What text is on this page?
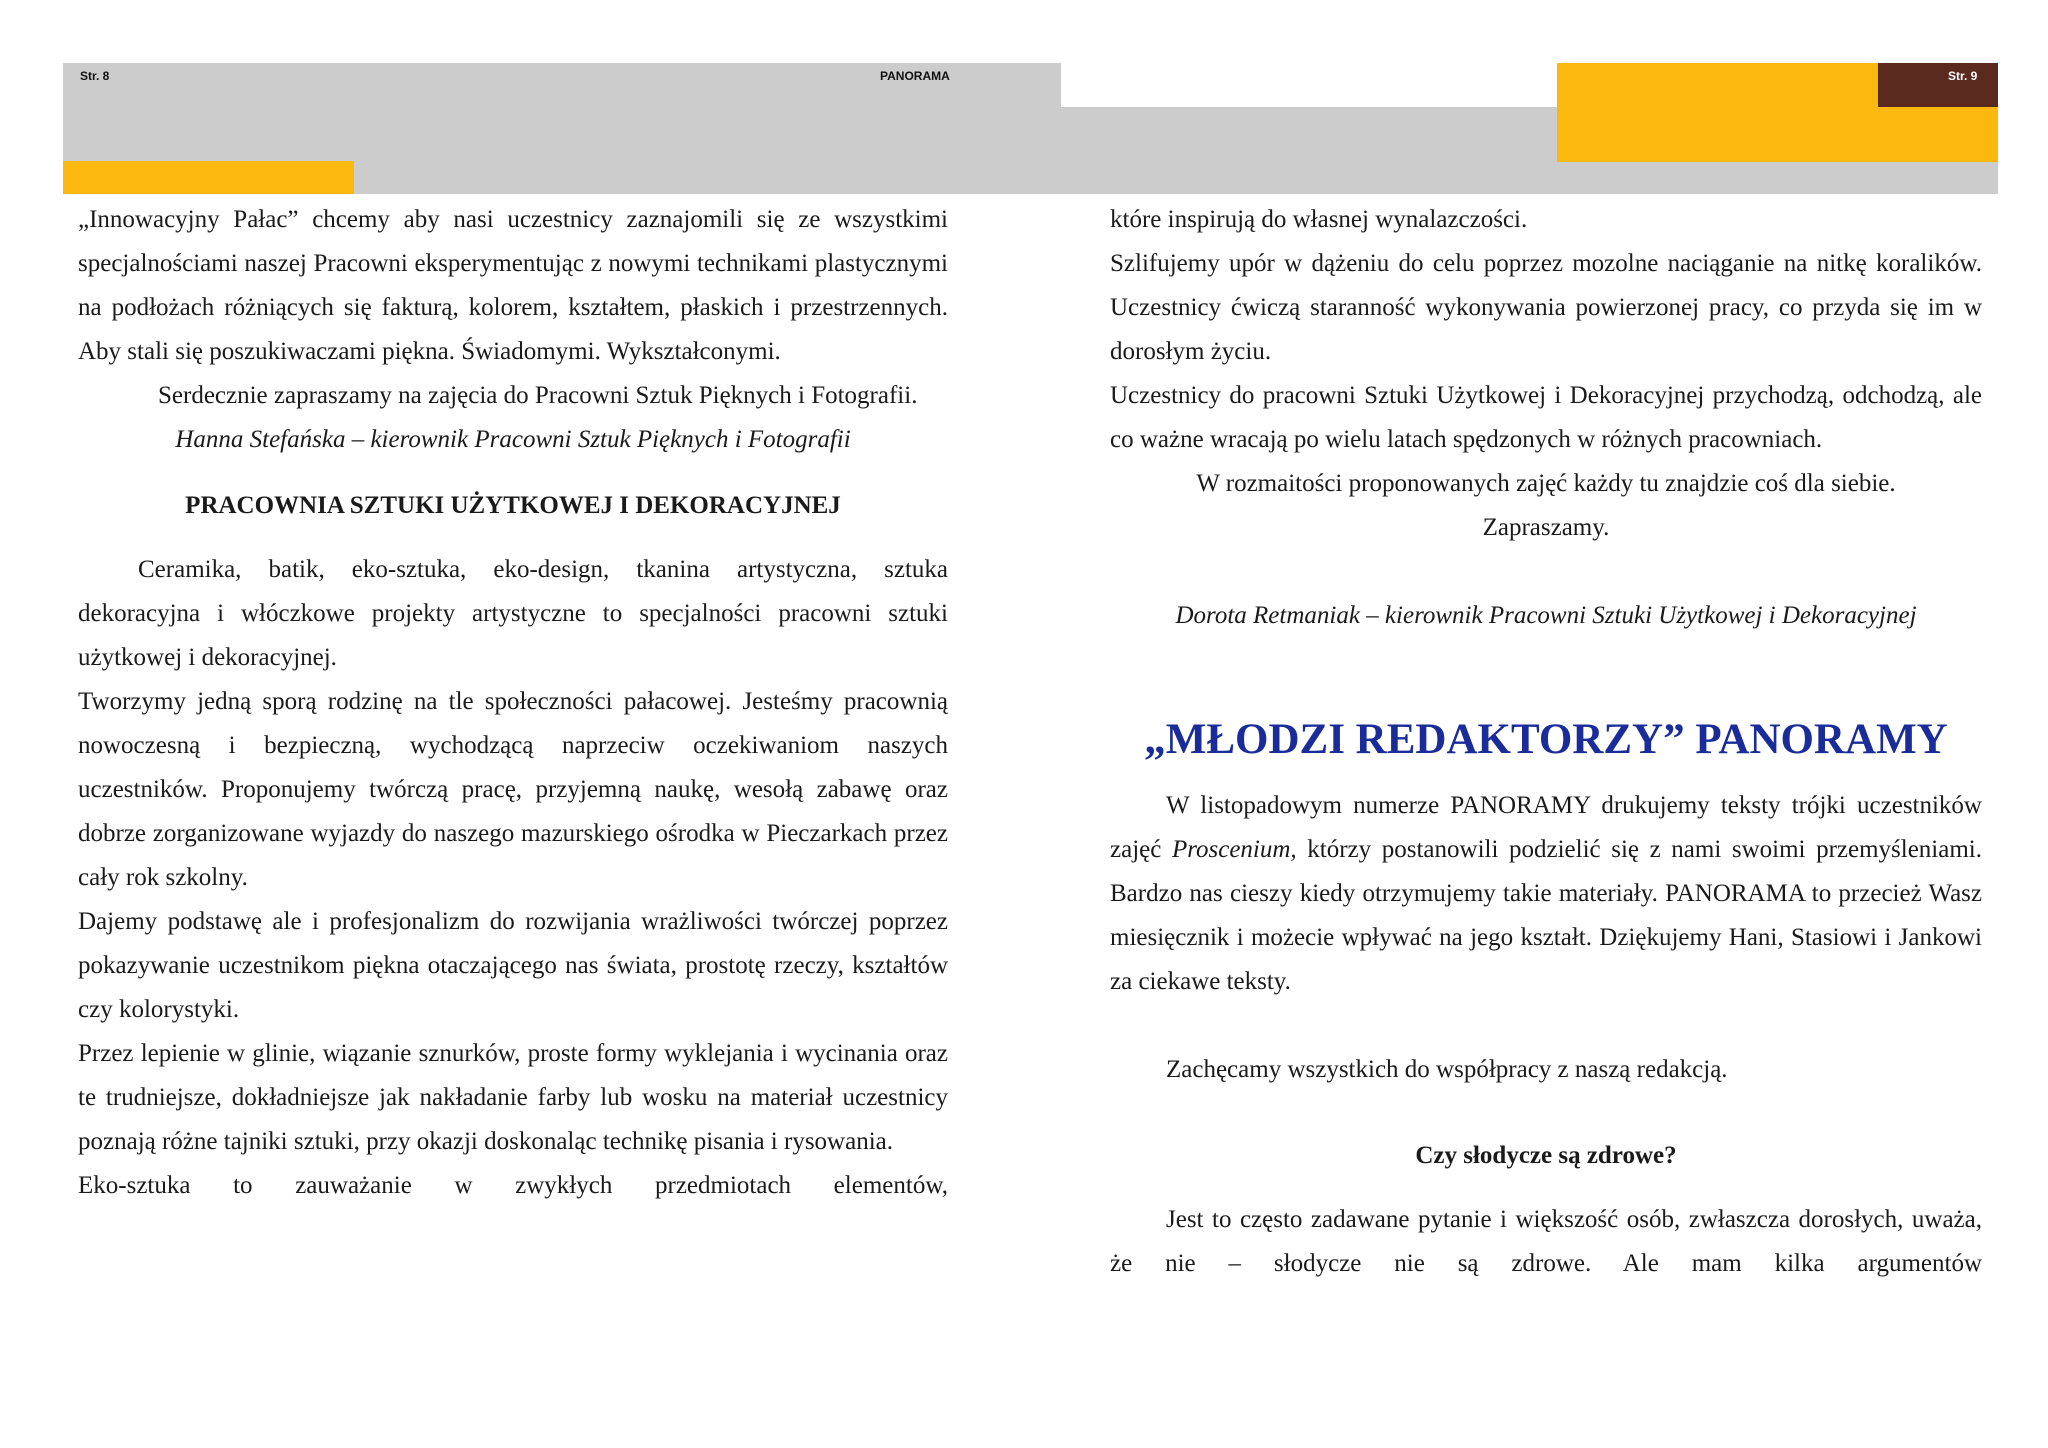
Str. 8	PANORAMA	Str. 9

„Innowacyjny Pałac” chcemy aby nasi uczestnicy zaznajomili się ze wszystkimi specjalnościami naszej Pracowni eksperymentując z nowymi technikami plastycznymi na podłożach różniących się fakturą, kolorem, kształtem, płaskich i przestrzennych. Aby stali się poszukiwaczami piękna. Świadomymi. Wykształconymi.

Serdecznie zapraszamy na zajęcia do Pracowni Sztuk Pięknych i Fotografii.

Hanna Stefańska – kierownik Pracowni Sztuk Pięknych i Fotografii

PRACOWNIA SZTUKI UŻYTKOWEJ I DEKORACYJNEJ

Ceramika, batik, eko-sztuka, eko-design, tkanina artystyczna, sztuka dekoracyjna i włóczkowe projekty artystyczne to specjalności pracowni sztuki użytkowej i dekoracyjnej.

Tworzymy jedną sporą rodzinę na tle społeczności pałacowej. Jesteśmy pracownią nowoczesną i bezpieczną, wychodzącą naprzeciw oczekiwaniom naszych uczestników. Proponujemy twórczą pracę, przyjemną naukę, wesołą zabawę oraz dobrze zorganizowane wyjazdy do naszego mazurskiego ośrodka w Pieczarkach przez cały rok szkolny.

Dajemy podstawę ale i profesjonalizm do rozwijania wrażliwości twórczej poprzez pokazywanie uczestnikom piękna otaczającego nas świata, prostotę rzeczy, kształtów czy kolorystyki.

Przez lepienie w glinie, wiązanie sznurków, proste formy wyklejania i wycinania oraz te trudniejsze, dokładniejsze jak nakładanie farby lub wosku na materiał uczestnicy poznają różne tajniki sztuki, przy okazji doskonaląc technikę pisania i rysowania.

Eko-sztuka to zauważanie w zwykłych przedmiotach elementów,

które inspirują do własnej wynalazczości.

Szlifujemy upór w dążeniu do celu poprzez mozolne naciąganie na nitkę koralików. Uczestnicy ćwiczą staranność wykonywania powierzonej pracy, co przyda się im w dorosłym życiu.

Uczestnicy do pracowni Sztuki Użytkowej i Dekoracyjnej przychodzą, odchodzą, ale co ważne wracają po wielu latach spędzonych w różnych pracowniach.

W rozmaitości proponowanych zajęć każdy tu znajdzie coś dla siebie.

Zapraszamy.

Dorota Retmaniak – kierownik Pracowni Sztuki Użytkowej i Dekoracyjnej

„MŁODZI REDAKTORZY” PANORAMY

W listopadowym numerze PANORAMY drukujemy teksty trójki uczestników zajęć Proscenium, którzy postanowili podzielić się z nami swoimi przemyśleniami. Bardzo nas cieszy kiedy otrzymujemy takie materiały. PANORAMA to przecież Wasz miesięcznik i możecie wpływać na jego kształt. Dziękujemy Hani, Stasiowi i Jankowi za ciekawe teksty.

Zachęcamy wszystkich do współpracy z naszą redakcją.

Czy słodycze są zdrowe?

Jest to często zadawane pytanie i większość osób, zwłaszcza dorosłych, uważa, że nie – słodycze nie są zdrowe. Ale mam kilka argumentów
